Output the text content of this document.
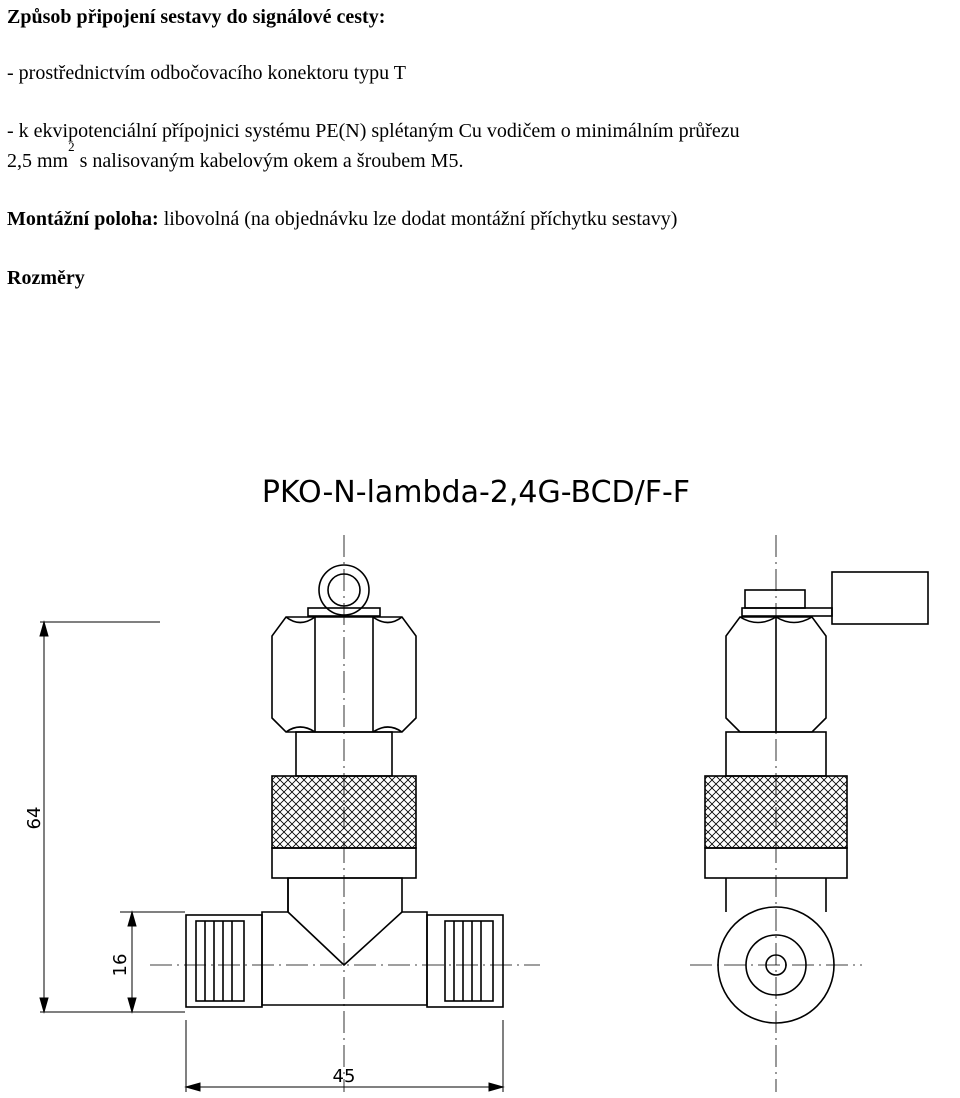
Způsob připojení sestavy do signálové cesty:
- prostřednictvím odbočovacího konektoru typu T
- k ekvipotenciální přípojnici systému PE(N) splétaným Cu vodičem o minimálním průřezu
2,5 $mm^2$ s nalisovaným kabelovým okem a šroubem M5.
Montážní poloha: libovolná (na objednávku lze dodat montážní příchytku sestavy)
Rozměry
PKO-N-lambda-2,4G-BCD/F-F
64
16
45
